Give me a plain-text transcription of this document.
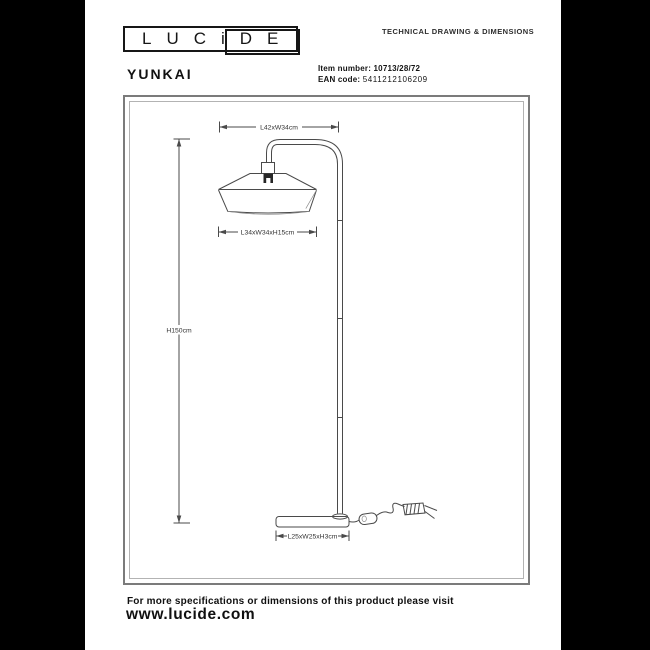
LUCiDE	TECHNICAL DRAWING & DIMENSIONS
YUNKAI	Item number: 10713/28/72
EAN code: 5411212106209
L42xW34cm
L34xW34xH15cm
H150cm
L25xW25xH3cm
For more specifications or dimensions of this product please visit
www.lucide.com
